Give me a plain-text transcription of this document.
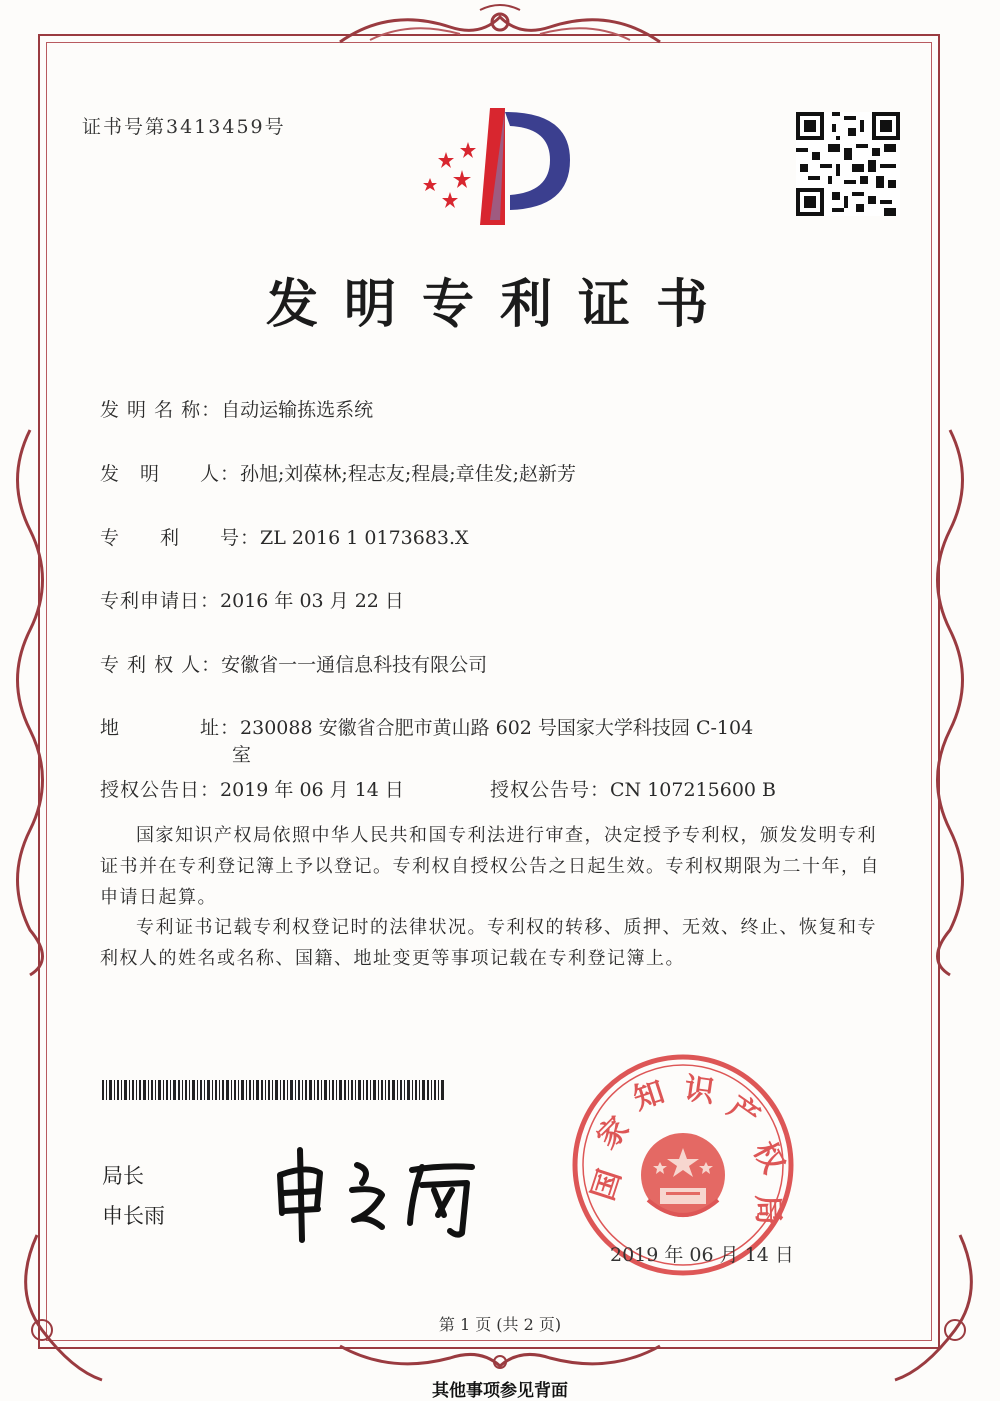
证书号第3413459号
发明专利证书
发 明 名 称：自动运输拣选系统
发　明　　人：孙旭;刘葆林;程志友;程晨;章佳发;赵新芳
专　　利　　号：ZL 2016 1 0173683.X
专利申请日：2016 年 03 月 22 日
专 利 权 人：安徽省一一通信息科技有限公司
地　　　　址：230088 安徽省合肥市黄山路 602 号国家大学科技园 C-104
室
授权公告日：2019 年 06 月 14 日	授权公告号：CN 107215600 B
国家知识产权局依照中华人民共和国专利法进行审查，决定授予专利权，颁发发明专利证书并在专利登记簿上予以登记。专利权自授权公告之日起生效。专利权期限为二十年，自申请日起算。
专利证书记载专利权登记时的法律状况。专利权的转移、质押、无效、终止、恢复和专利权人的姓名或名称、国籍、地址变更等事项记载在专利登记簿上。
局长
申长雨
国
家
知 识 产
权
局
2019 年 06 月 14 日
第 1 页 (共 2 页)
其他事项参见背面
